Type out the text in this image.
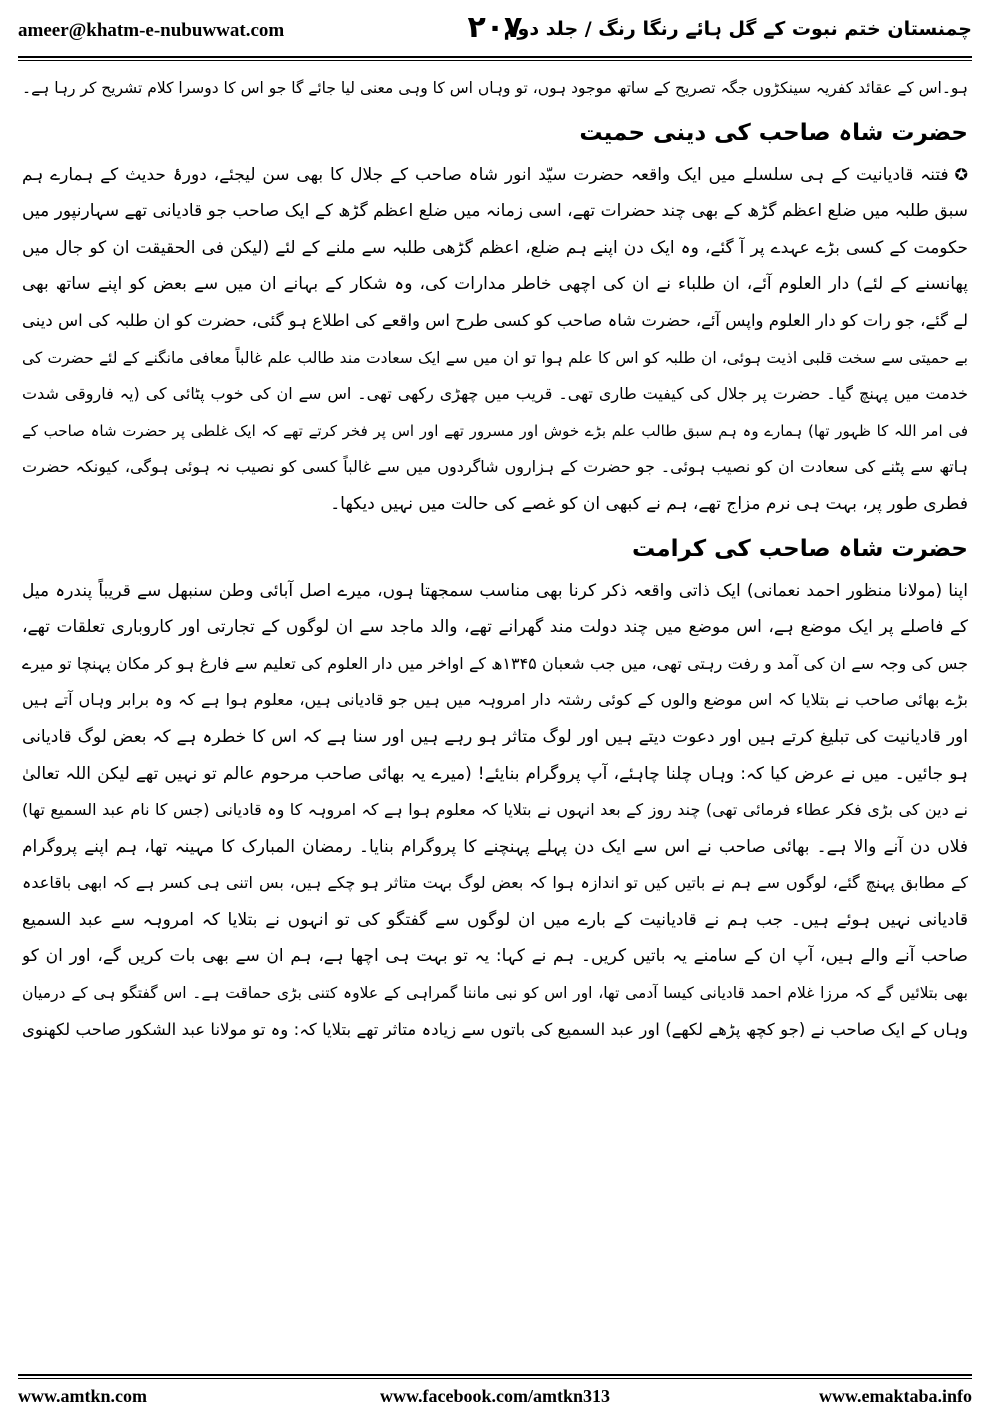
ameer@khatm-e-nubuwwat.com	۲۰۷
چمنستان ختم نبوت کے گل ہائے رنگا رنگ / جلد دوم
ہو۔اس کے عقائد کفریہ سینکڑوں جگہ تصریح کے ساتھ موجود ہوں، تو وہاں اس کا وہی معنی لیا جائے گا جو اس کا دوسرا کلام تشریح کر رہا ہے۔
حضرت شاہ صاحب کی دینی حمیت
✪فتنہ قادیانیت کے ہی سلسلے میں ایک واقعہ حضرت سیّد انور شاہ صاحب کے جلال کا بھی سن لیجئے، دورۂ حدیث کے ہمارے ہم
سبق طلبہ میں ضلع اعظم گڑھ کے بھی چند حضرات تھے، اسی زمانہ میں ضلع اعظم گڑھ کے ایک صاحب جو قادیانی تھے سہارنپور میں
حکومت کے کسی بڑے عہدے پر آ گئے، وہ ایک دن اپنے ہم ضلع، اعظم گڑھی طلبہ سے ملنے کے لئے (لیکن فی الحقیقت ان کو جال میں
پھانسنے کے لئے) دار العلوم آئے، ان طلباء نے ان کی اچھی خاطر مدارات کی، وہ شکار کے بہانے ان میں سے بعض کو اپنے ساتھ بھی
لے گئے، جو رات کو دار العلوم واپس آئے، حضرت شاہ صاحب کو کسی طرح اس واقعے کی اطلاع ہو گئی، حضرت کو ان طلبہ کی اس دینی
بے حمیتی سے سخت قلبی اذیت ہوئی، ان طلبہ کو اس کا علم ہوا تو ان میں سے ایک سعادت مند طالب علم غالباً معافی مانگنے کے لئے حضرت کی
خدمت میں پہنچ گیا۔ حضرت پر جلال کی کیفیت طاری تھی۔ قریب میں چھڑی رکھی تھی۔ اس سے ان کی خوب پٹائی کی (یہ فاروقی شدت
فی امر اللہ کا ظہور تھا) ہمارے وہ ہم سبق طالب علم بڑے خوش اور مسرور تھے اور اس پر فخر کرتے تھے کہ ایک غلطی پر حضرت شاہ صاحب کے
ہاتھ سے پٹنے کی سعادت ان کو نصیب ہوئی۔ جو حضرت کے ہزاروں شاگردوں میں سے غالباً کسی کو نصیب نہ ہوئی ہوگی، کیونکہ حضرت
فطری طور پر، بہت ہی نرم مزاج تھے، ہم نے کبھی ان کو غصے کی حالت میں نہیں دیکھا۔
حضرت شاہ صاحب کی کرامت
اپنا (مولانا منظور احمد نعمانی) ایک ذاتی واقعہ ذکر کرنا بھی مناسب سمجھتا ہوں، میرے اصل آبائی وطن سنبھل سے قریباً پندرہ میل
کے فاصلے پر ایک موضع ہے، اس موضع میں چند دولت مند گھرانے تھے، والد ماجد سے ان لوگوں کے تجارتی اور کاروباری تعلقات تھے،
جس کی وجہ سے ان کی آمد و رفت رہتی تھی، میں جب شعبان ۱۳۴۵ھ کے اواخر میں دار العلوم کی تعلیم سے فارغ ہو کر مکان پہنچا تو میرے
بڑے بھائی صاحب نے بتلایا کہ اس موضع والوں کے کوئی رشتہ دار امروہہ میں ہیں جو قادیانی ہیں، معلوم ہوا ہے کہ وہ برابر وہاں آتے ہیں
اور قادیانیت کی تبلیغ کرتے ہیں اور دعوت دیتے ہیں اور لوگ متاثر ہو رہے ہیں اور سنا ہے کہ اس کا خطرہ ہے کہ بعض لوگ قادیانی
ہو جائیں۔ میں نے عرض کیا کہ: وہاں چلنا چاہئے، آپ پروگرام بنایئے! (میرے یہ بھائی صاحب مرحوم عالم تو نہیں تھے لیکن اللہ تعالیٰ
نے دین کی بڑی فکر عطاء فرمائی تھی) چند روز کے بعد انہوں نے بتلایا کہ معلوم ہوا ہے کہ امروہہ کا وہ قادیانی (جس کا نام عبد السمیع تھا)
فلاں دن آنے والا ہے۔ بھائی صاحب نے اس سے ایک دن پہلے پہنچنے کا پروگرام بنایا۔ رمضان المبارک کا مہینہ تھا، ہم اپنے پروگرام
کے مطابق پہنچ گئے، لوگوں سے ہم نے باتیں کیں تو اندازہ ہوا کہ بعض لوگ بہت متاثر ہو چکے ہیں، بس اتنی ہی کسر ہے کہ ابھی باقاعدہ
قادیانی نہیں ہوئے ہیں۔ جب ہم نے قادیانیت کے بارے میں ان لوگوں سے گفتگو کی تو انہوں نے بتلایا کہ امروہہ سے عبد السمیع
صاحب آنے والے ہیں، آپ ان کے سامنے یہ باتیں کریں۔ ہم نے کہا: یہ تو بہت ہی اچھا ہے، ہم ان سے بھی بات کریں گے، اور ان کو
بھی بتلائیں گے کہ مرزا غلام احمد قادیانی کیسا آدمی تھا، اور اس کو نبی ماننا گمراہی کے علاوہ کتنی بڑی حماقت ہے۔ اس گفتگو ہی کے درمیان
وہاں کے ایک صاحب نے (جو کچھ پڑھے لکھے) اور عبد السمیع کی باتوں سے زیادہ متاثر تھے بتلایا کہ: وہ تو مولانا عبد الشکور صاحب لکھنوی
www.amtkn.com	www.facebook.com/amtkn313	www.emaktaba.info
